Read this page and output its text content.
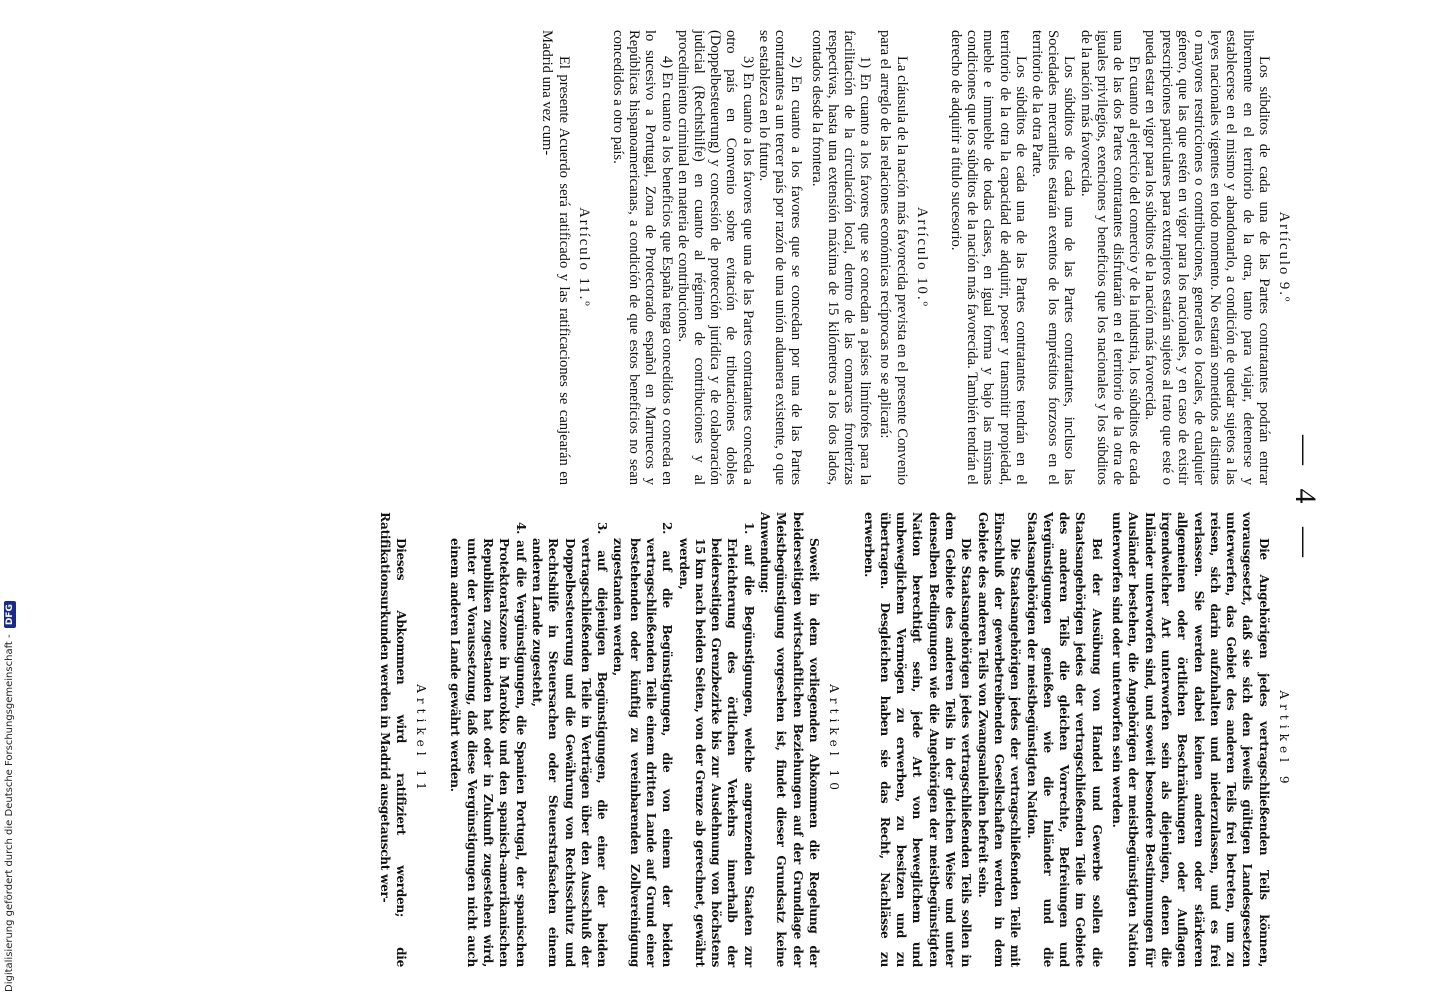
— 4 —
Artículo 9.º

Los súbditos de cada una de las Partes contratantes podrán entrar libremente en el territorio de la otra, tanto para viajar, detenerse y establecerse en el mismo y abandonarlo, a condición de quedar sujetos a las leyes nacionales vigentes en todo momento. No estarán sometidos a distintas o mayores restricciones o contribuciones, generales o locales, de cualquier género, que las que estén en vigor para los nacionales, y en caso de existir prescripciones particulares para extranjeros estarán sujetos al trato que esté o pueda estar en vigor para los súbditos de la nación más favorecida.

En cuanto al ejercicio del comercio y de la industria, los súbditos de cada una de las dos Partes contratantes disfrutarán en el territorio de la otra de iguales privilegios, exenciones y beneficios que los nacionales y los súbditos de la nación más favorecida.

Los súbditos de cada una de las Partes contratantes, incluso las Sociedades mercantiles estarán exentos de los empréstitos forzosos en el territorio de la otra Parte.

Los súbditos de cada una de las Partes contratantes tendrán en el territorio de la otra la capacidad de adquirir, poseer y transmitir propiedad, mueble e inmueble de todas clases, en igual forma y bajo las mismas condiciones que los súbditos de la nación más favorecida. También tendrán el derecho de adquirir a título sucesorio.

Artículo 10.º

La cláusula de la nación más favorecida prevista en el presente Convenio para el arreglo de las relaciones económicas recíprocas no se aplicará:

1) En cuanto a los favores que se concedan a países limítrofes para la facilitación de la circulación local, dentro de las comarcas fronterizas respectivas, hasta una extensión máxima de 15 kilómetros a los dos lados, contados desde la frontera.

2) En cuanto a los favores que se concedan por una de las Partes contratantes a un tercer país por razón de una unión aduanera existente, o que se establezca en lo futuro.

3) En cuanto a los favores que una de las Partes contratantes conceda a otro país en Convenio sobre evitación de tributaciones dobles (Doppelbesteuerung) y concesión de protección jurídica y de colaboración judicial (Rechtshilfe) en cuanto al régimen de contribuciones y al procedimiento criminal en materia de contribuciones.

4) En cuanto a los beneficios que España tenga concedidos o conceda en lo sucesivo a Portugal, Zona de Protectorado español en Marruecos y Repúblicas hispanoamericanas, a condición de que estos beneficios no sean concedidos a otro país.

Artículo 11.º

El presente Acuerdo será ratificado y las ratificaciones se canjearán en Madrid una vez cum-

Artikel 9

Die Angehörigen jedes vertragschließenden Teils können, vorausgesetzt, daß sie sich den jeweils gültigen Landesgesetzen unterwerfen, das Gebiet des anderen Teils frei betreten, um zu reisen, sich darin aufzuhalten und niederzulassen, und es frei verlassen. Sie werden dabei keinen anderen oder stärkeren allgemeinen oder örtlichen Beschränkungen oder Auflagen irgendwelcher Art unterworfen sein als diejenigen, denen die Inländer unterworfen sind, und soweit besondere Bestimmungen für Ausländer bestehen, die Angehörigen der meistbegünstigten Nation unterworfen sind oder unterworfen sein werden.

Bei der Ausübung von Handel und Gewerbe sollen die Staatsangehörigen jedes der vertragschließenden Teile im Gebiete des anderen Teils die gleichen Vorrechte, Befreiungen und Vergünstigungen genießen wie die Inländer und die Staatsangehörigen der meistbegünstigten Nation.

Die Staatsangehörigen jedes der vertragschließenden Teile mit Einschluß der gewerbetreibenden Gesellschaften werden in dem Gebiete des anderen Teils von Zwangsanleihen befreit sein.

Die Staatsangehörigen jedes vertragschließenden Teils sollen in dem Gebiete des anderen Teils in der gleichen Weise und unter denselben Bedingungen wie die Angehörigen der meistbegünstigten Nation berechtigt sein, jede Art von beweglichem und unbeweglichem Vermögen zu erwerben, zu besitzen und zu übertragen. Desgleichen haben sie das Recht, Nachlässe zu erwerben.

Artikel 10

Soweit in dem vorliegenden Abkommen die Regelung der beiderseitigen wirtschaftlichen Beziehungen auf der Grundlage der Meistbegünstigung vorgesehen ist, findet dieser Grundsatz keine Anwendung:

1. auf die Begünstigungen, welche angrenzenden Staaten zur Erleichterung des örtlichen Verkehrs innerhalb der beiderseitigen Grenzbezirke bis zur Ausdehnung von höchstens 15 km nach beiden Seiten, von der Grenze ab gerechnet, gewährt werden,

2. auf die Begünstigungen, die von einem der beiden vertragschließenden Teile einem dritten Lande auf Grund einer bestehenden oder künftig zu vereinbarenden Zollvereinigung zugestanden werden,

3. auf diejenigen Begünstigungen, die einer der beiden vertragschließenden Teile in Verträgen über den Ausschluß der Doppelbesteuerung und die Gewährung von Rechtsschutz und Rechtshilfe in Steuersachen oder Steuerstrafsachen einem anderen Lande zugesteht,

4. auf die Vergünstigungen, die Spanien Portugal, der spanischen Protektoratszone in Marokko und den spanisch-amerikanischen Republiken zugestanden hat oder in Zukunft zugestehen wird, unter der Voraussetzung, daß diese Vergünstigungen nicht auch einem anderen Lande gewährt werden.

Artikel 11

Dieses Abkommen wird ratifiziert werden; die Ratifikationsurkunden werden in Madrid ausgetauscht wer-

Digitalisierung gefördert durch die Deutsche Forschungsgemeinschaft - DFG
